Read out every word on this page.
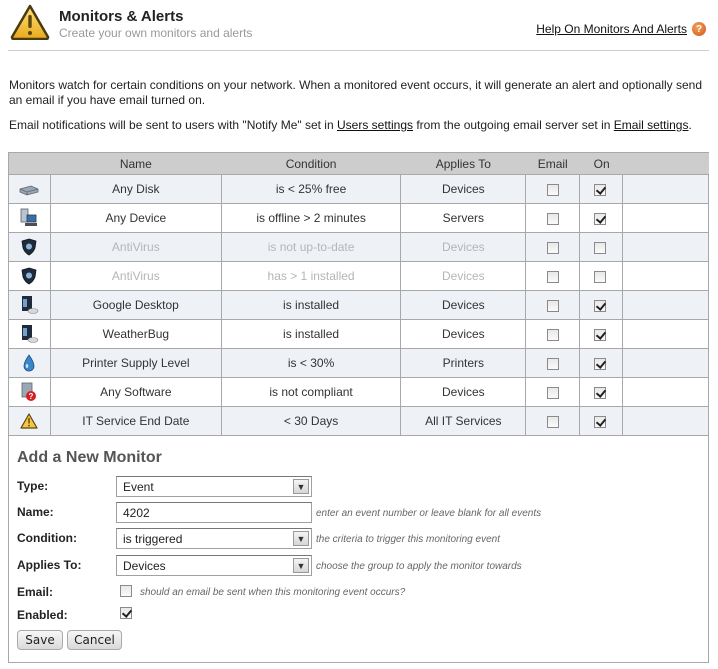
Monitors & Alerts
Create your own monitors and alerts	Help On Monitors And Alerts ?
Monitors watch for certain conditions on your network. When a monitored event occurs, it will generate an alert and optionally send an email if you have email turned on.
Email notifications will be sent to users with "Notify Me" set in Users settings from the outgoing email server set in Email settings.
	Name	Condition	Applies To	Email	On	
	Any Disk	is < 25% free	Devices			
	Any Device	is offline > 2 minutes	Servers			
	AntiVirus	is not up-to-date	Devices			
	AntiVirus	has > 1 installed	Devices			
	Google Desktop	is installed	Devices			
	WeatherBug	is installed	Devices			
	Printer Supply Level	is < 30%	Printers			

?	Any Software	is not compliant	Devices			
	IT Service End Date	< 30 Days	All IT Services			
Add a New Monitor
Type:	Event	▼
Name:	4202	enter an event number or leave blank for all events
Condition:	is triggered	▼	the criteria to trigger this monitoring event
Applies To:	Devices	▼	choose the group to apply the monitor towards
Email:	should an email be sent when this monitoring event occurs?
Enabled:
Save	Cancel
